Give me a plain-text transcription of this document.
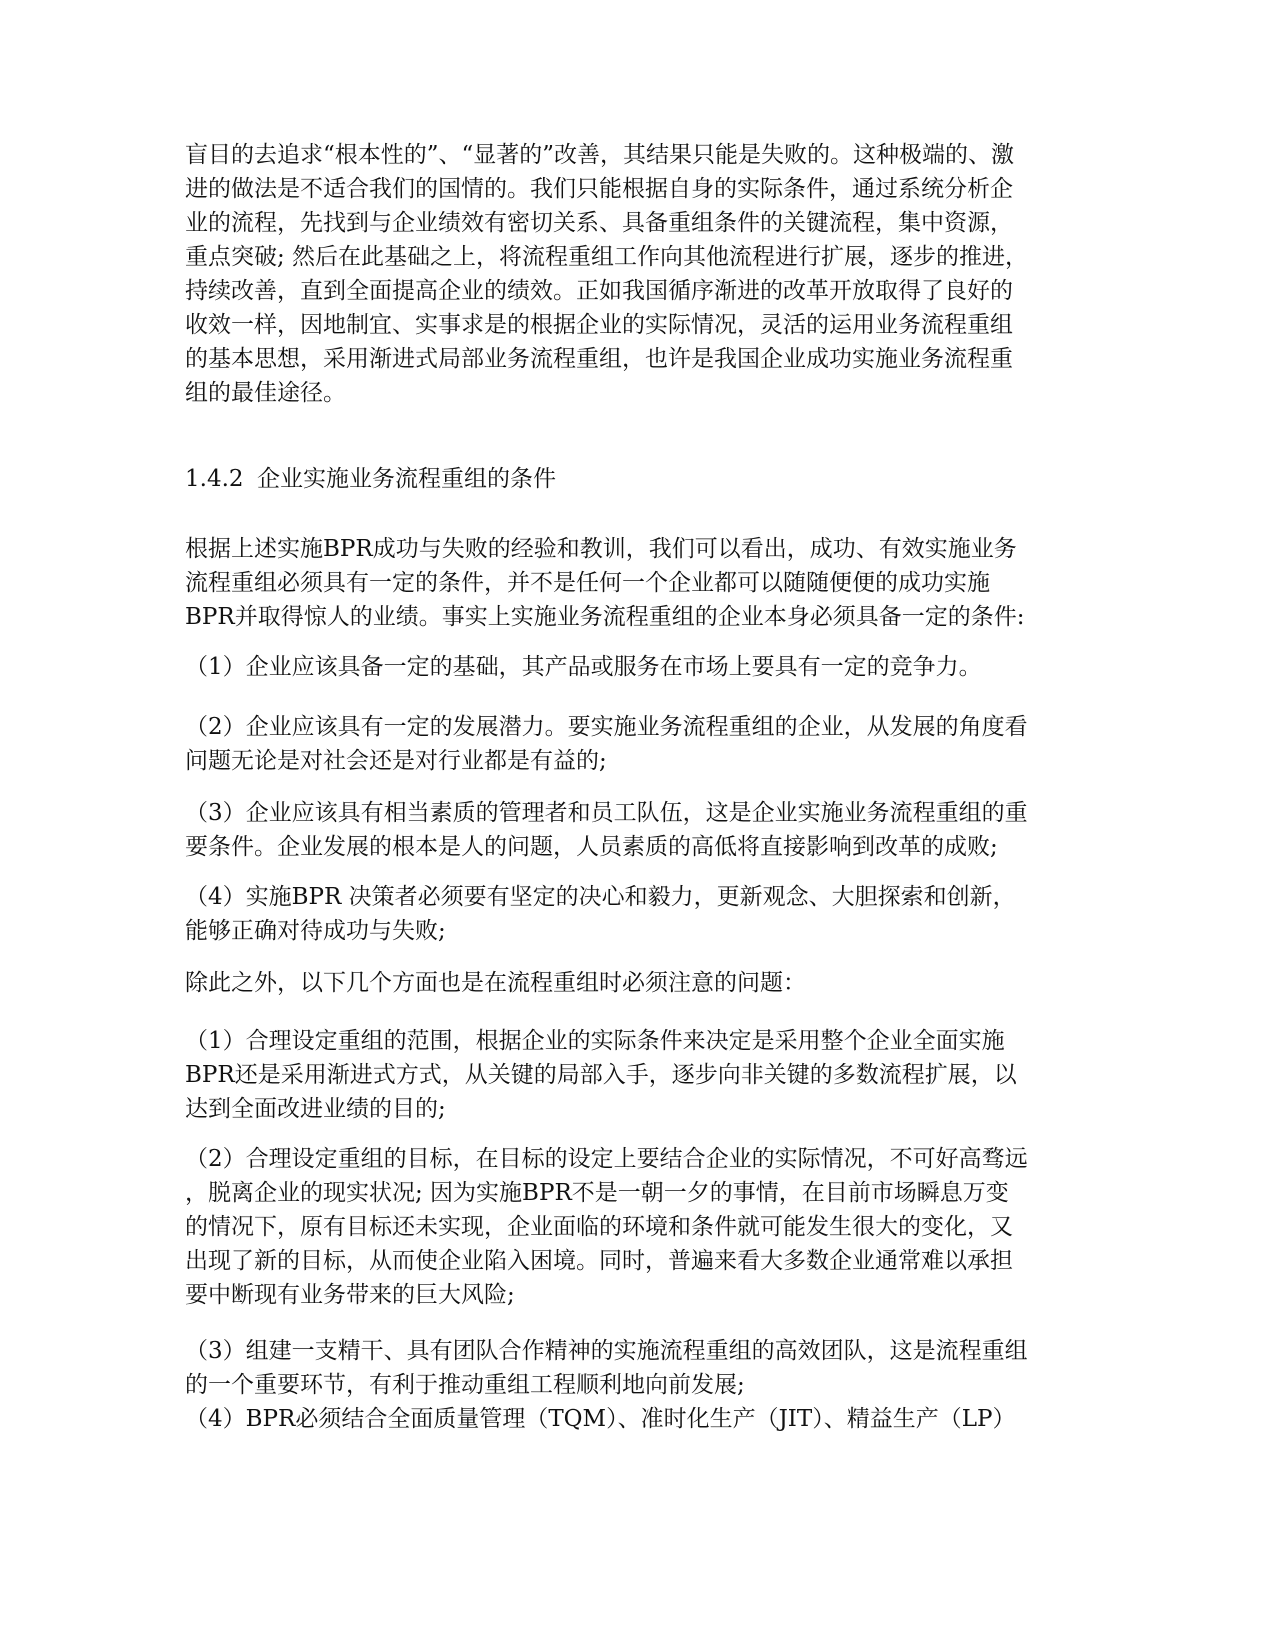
盲目的去追求“根本性的”、“显著的”改善，其结果只能是失败的。这种极端的、激
进的做法是不适合我们的国情的。我们只能根据自身的实际条件，通过系统分析企
业的流程，先找到与企业绩效有密切关系、具备重组条件的关键流程，集中资源，
重点突破; 然后在此基础之上，将流程重组工作向其他流程进行扩展，逐步的推进，
持续改善，直到全面提高企业的绩效。正如我国循序渐进的改革开放取得了良好的
收效一样，因地制宜、实事求是的根据企业的实际情况，灵活的运用业务流程重组
的基本思想，采用渐进式局部业务流程重组，也许是我国企业成功实施业务流程重
组的最佳途径。

1.4.2 企业实施业务流程重组的条件

根据上述实施BPR成功与失败的经验和教训，我们可以看出，成功、有效实施业务
流程重组必须具有一定的条件，并不是任何一个企业都可以随随便便的成功实施
BPR并取得惊人的业绩。事实上实施业务流程重组的企业本身必须具备一定的条件:

（1）企业应该具备一定的基础，其产品或服务在市场上要具有一定的竞争力。

（2）企业应该具有一定的发展潜力。要实施业务流程重组的企业，从发展的角度看
问题无论是对社会还是对行业都是有益的;

（3）企业应该具有相当素质的管理者和员工队伍，这是企业实施业务流程重组的重
要条件。企业发展的根本是人的问题，人员素质的高低将直接影响到改革的成败;

（4）实施BPR 决策者必须要有坚定的决心和毅力，更新观念、大胆探索和创新，
能够正确对待成功与失败;

除此之外，以下几个方面也是在流程重组时必须注意的问题：

（1）合理设定重组的范围，根据企业的实际条件来决定是采用整个企业全面实施
BPR还是采用渐进式方式，从关键的局部入手，逐步向非关键的多数流程扩展，以
达到全面改进业绩的目的;

（2）合理设定重组的目标，在目标的设定上要结合企业的实际情况，不可好高骛远
，脱离企业的现实状况; 因为实施BPR不是一朝一夕的事情，在目前市场瞬息万变
的情况下，原有目标还未实现，企业面临的环境和条件就可能发生很大的变化，又
出现了新的目标，从而使企业陷入困境。同时，普遍来看大多数企业通常难以承担
要中断现有业务带来的巨大风险;

（3）组建一支精干、具有团队合作精神的实施流程重组的高效团队，这是流程重组
的一个重要环节，有利于推动重组工程顺利地向前发展;
（4）BPR必须结合全面质量管理（TQM）、准时化生产（JIT）、精益生产（LP）
